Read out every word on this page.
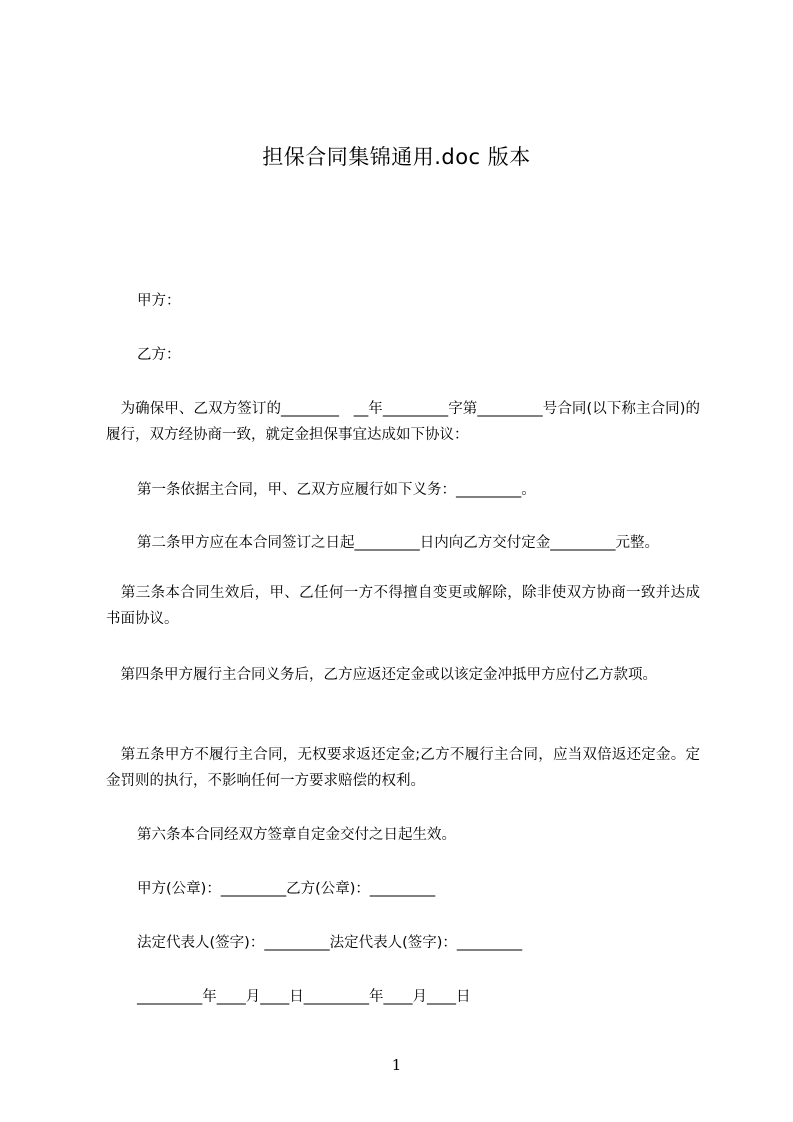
担保合同集锦通用.doc 版本
甲方：
乙方：
　为确保甲、乙双方签订的________　__年_________字第_________号合同(以下称主合同)的履行，双方经协商一致，就定金担保事宜达成如下协议：
第一条依据主合同，甲、乙双方应履行如下义务：_________。
第二条甲方应在本合同签订之日起_________日内向乙方交付定金_________元整。
　第三条本合同生效后，甲、乙任何一方不得擅自变更或解除，除非使双方协商一致并达成书面协议。
　第四条甲方履行主合同义务后，乙方应返还定金或以该定金冲抵甲方应付乙方款项。
　第五条甲方不履行主合同，无权要求返还定金;乙方不履行主合同，应当双倍返还定金。定金罚则的执行，不影响任何一方要求赔偿的权利。
第六条本合同经双方签章自定金交付之日起生效。
甲方(公章)：_________乙方(公章)：_________
法定代表人(签字)：_________法定代表人(签字)：_________
_________年____月____日_________年____月____日
1
